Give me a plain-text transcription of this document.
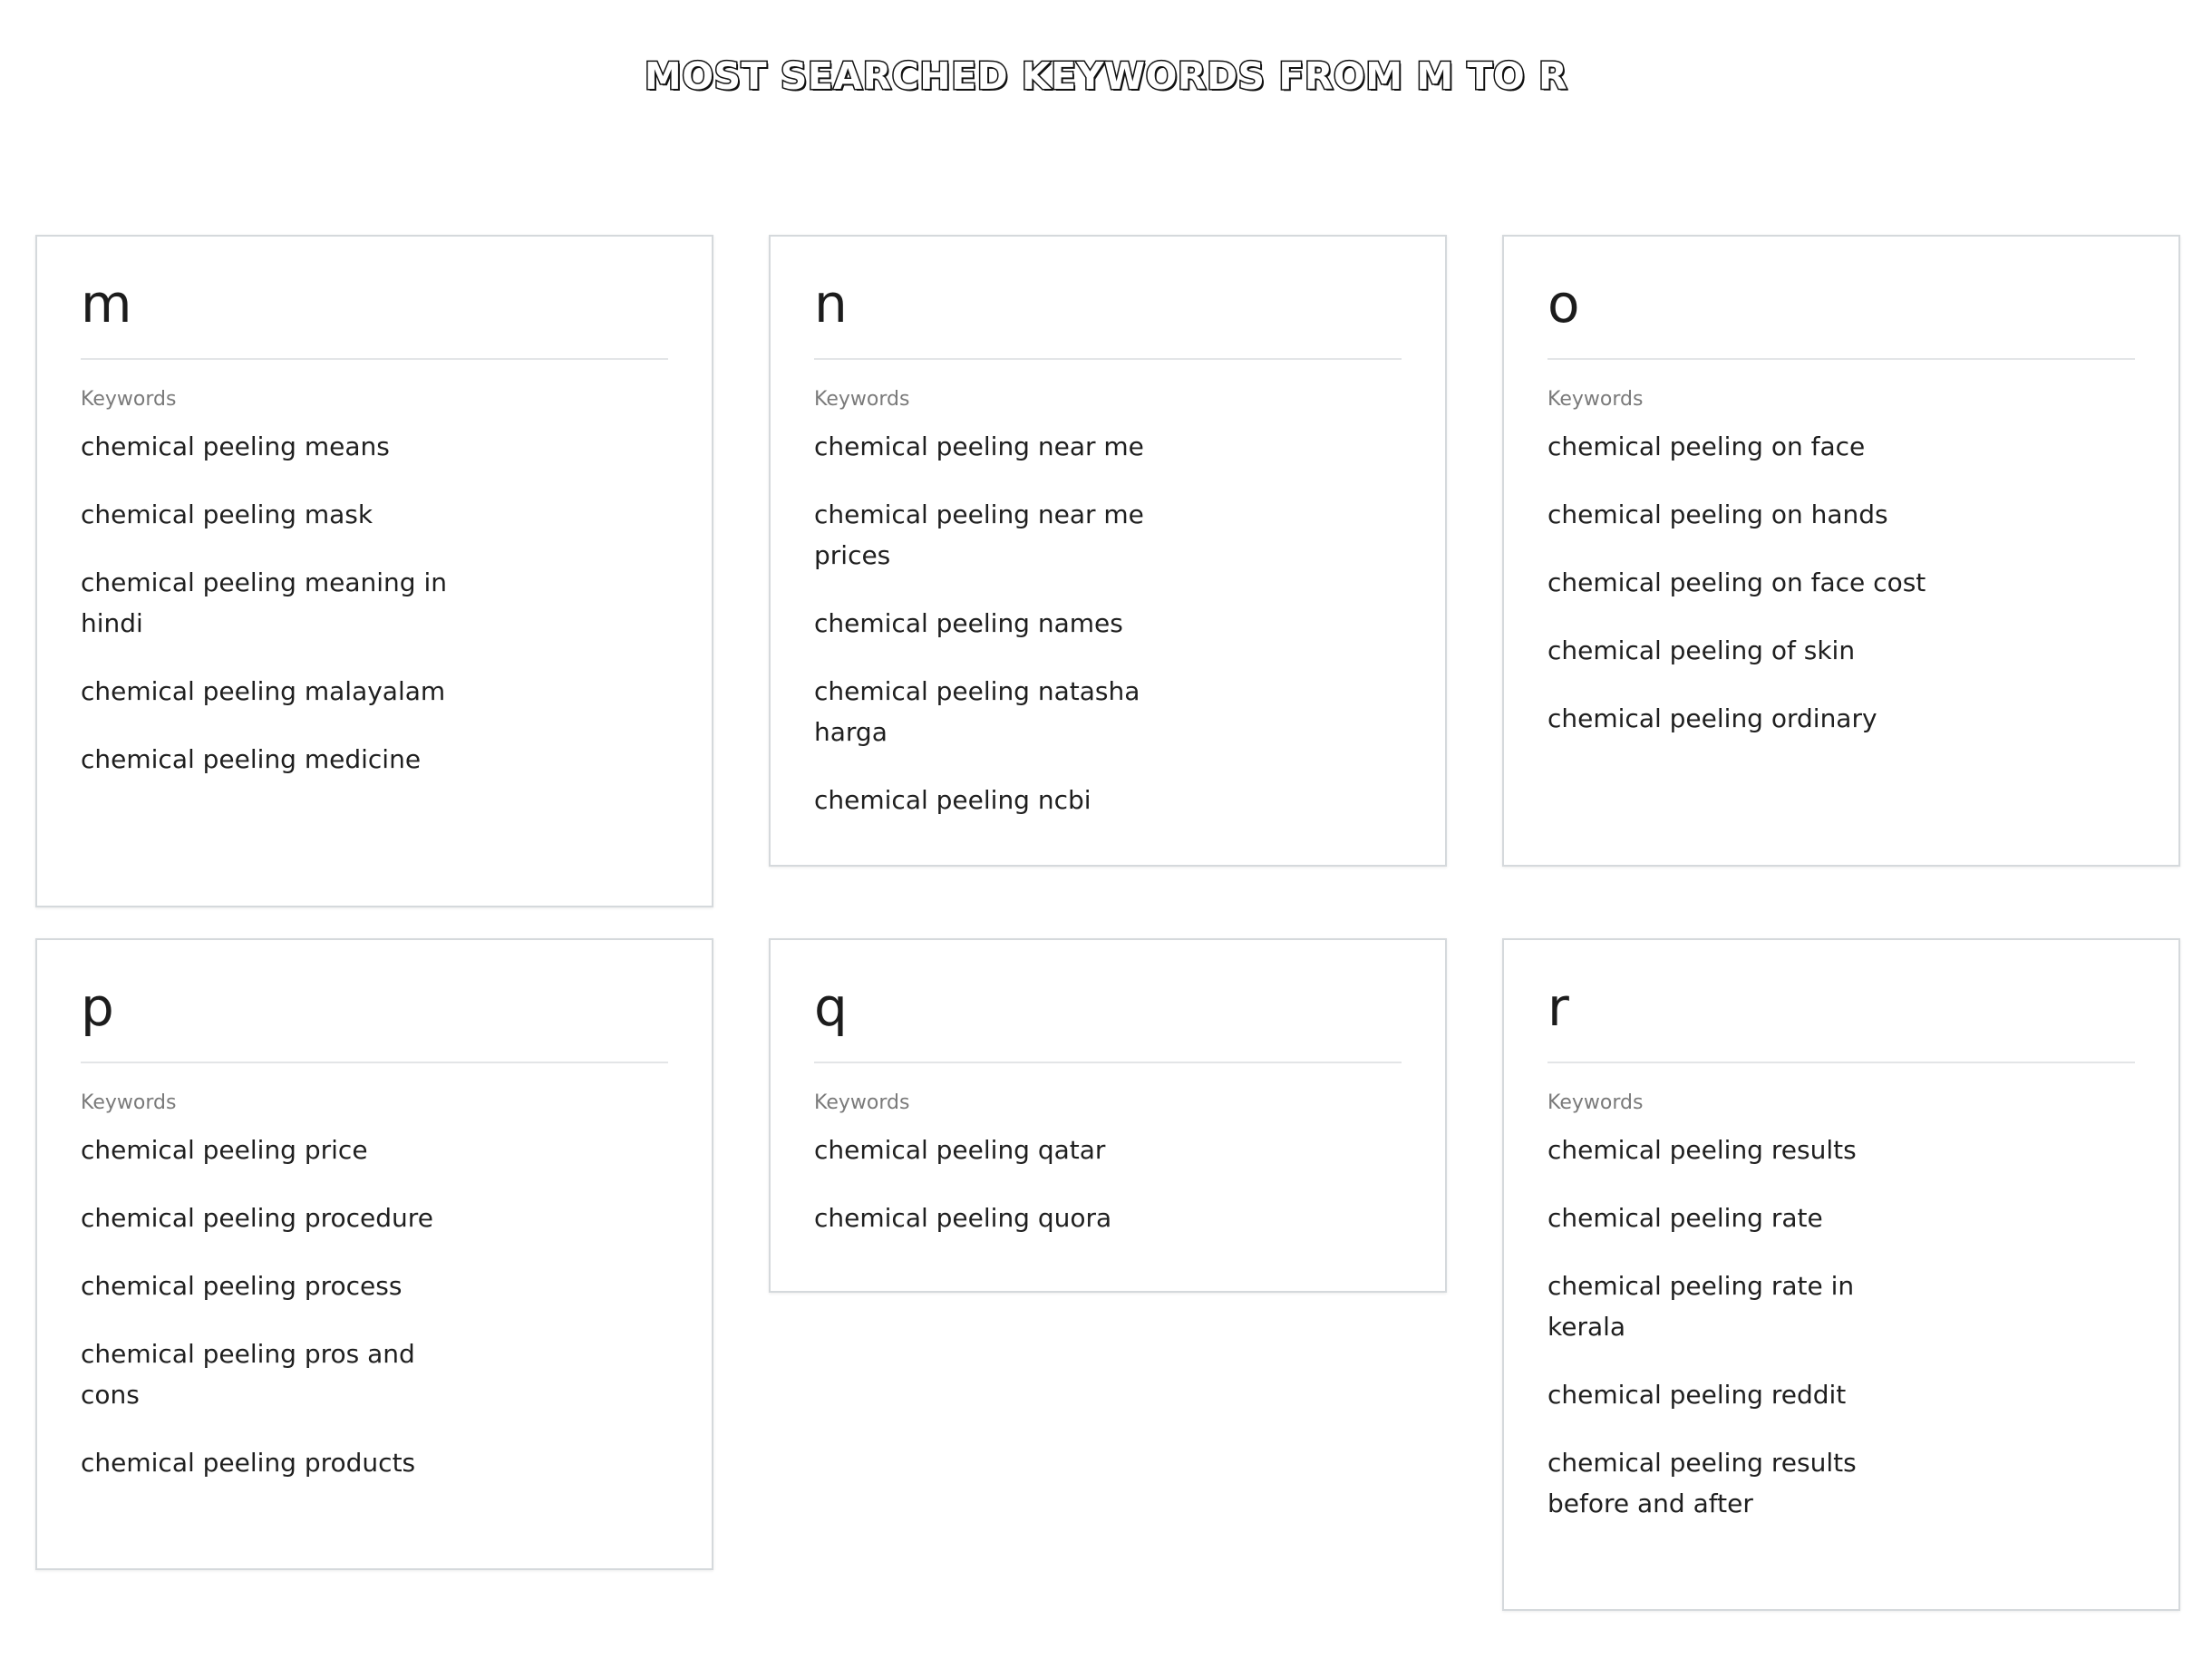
MOST SEARCHED KEYWORDS FROM M TO R
m
Keywords
chemical peeling means
chemical peeling mask
chemical peeling meaning in hindi
chemical peeling malayalam
chemical peeling medicine
n
Keywords
chemical peeling near me
chemical peeling near me prices
chemical peeling names
chemical peeling natasha harga
chemical peeling ncbi
o
Keywords
chemical peeling on face
chemical peeling on hands
chemical peeling on face cost
chemical peeling of skin
chemical peeling ordinary
p
Keywords
chemical peeling price
chemical peeling procedure
chemical peeling process
chemical peeling pros and cons
chemical peeling products
q
Keywords
chemical peeling qatar
chemical peeling quora
r
Keywords
chemical peeling results
chemical peeling rate
chemical peeling rate in kerala
chemical peeling reddit
chemical peeling results before and after
